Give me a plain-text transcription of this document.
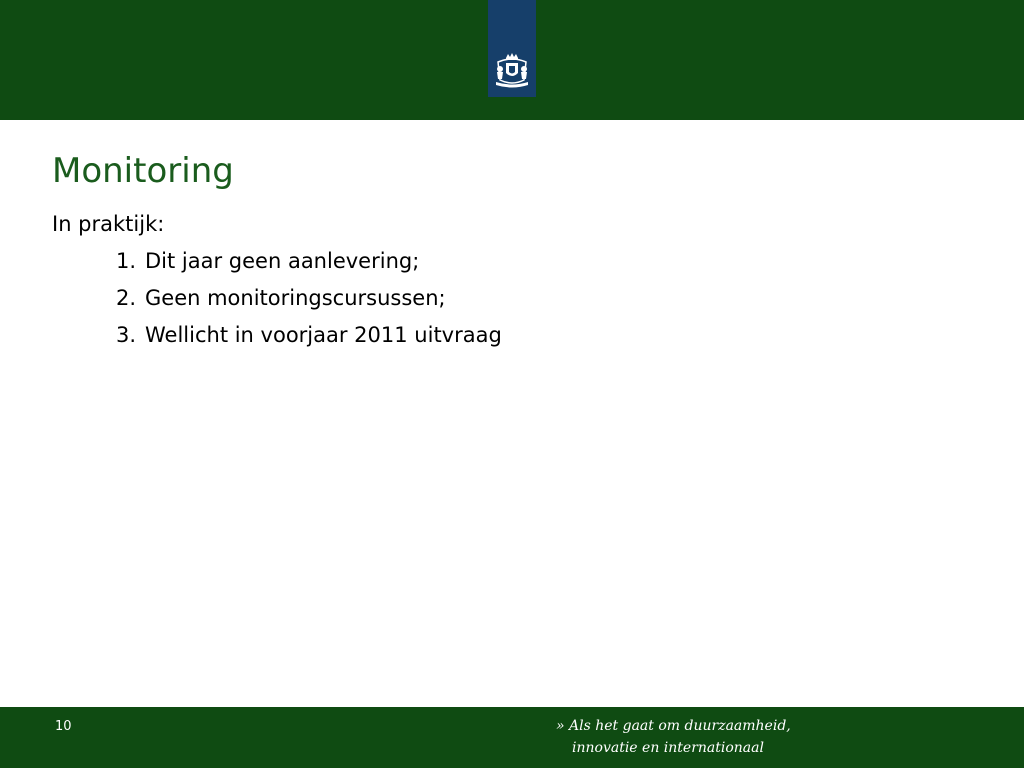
Monitoring
In praktijk:
1. Dit jaar geen aanlevering;
2. Geen monitoringscursussen;
3. Wellicht in voorjaar 2011 uitvraag
10	» Als het gaat om duurzaamheid,
innovatie en internationaal
